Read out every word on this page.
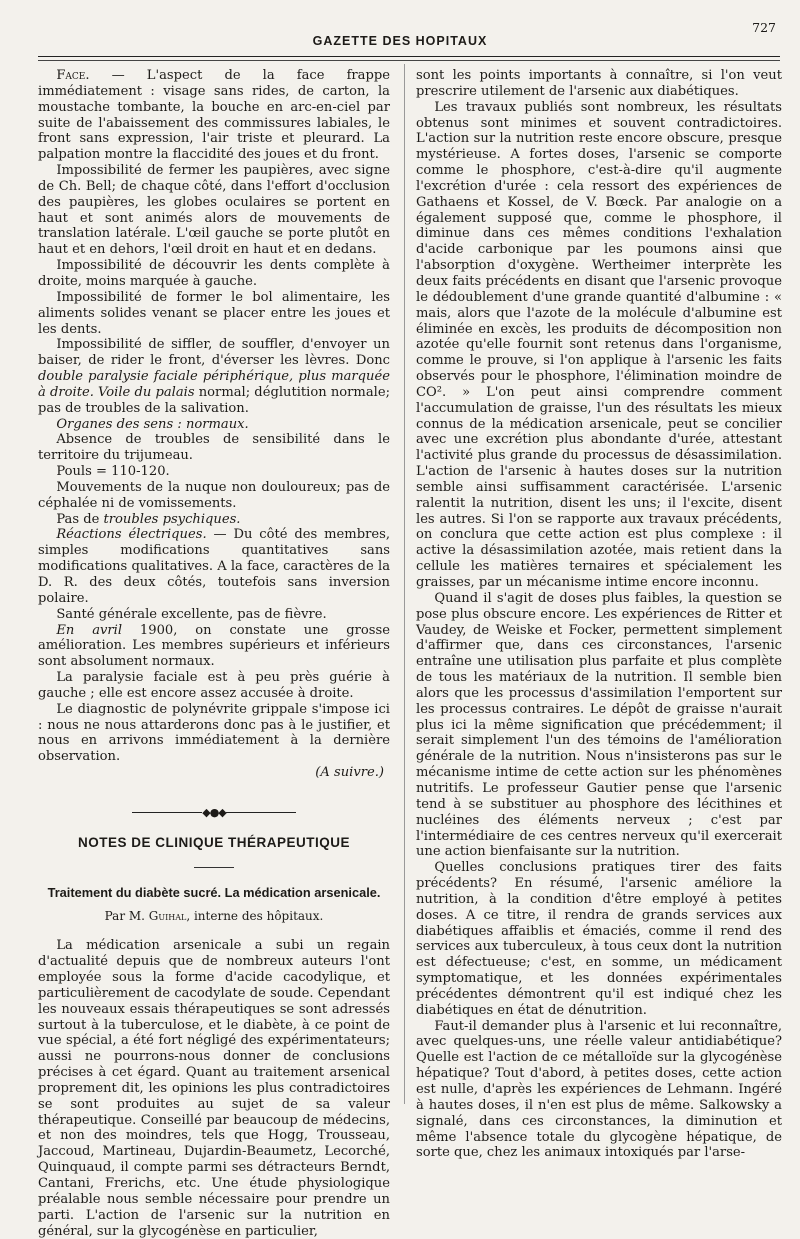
GAZETTE DES HOPITAUX
727

Face. — L'aspect de la face frappe immédiatement : visage sans rides, de carton, la moustache tombante, la bouche en arc-en-ciel par suite de l'abaissement des commissures labiales, le front sans expression, l'air triste et pleurard. La palpation montre la flaccidité des joues et du front.

Impossibilité de fermer les paupières, avec signe de Ch. Bell; de chaque côté, dans l'effort d'occlusion des paupières, les globes oculaires se portent en haut et sont animés alors de mouvements de translation latérale. L'œil gauche se porte plutôt en haut et en dehors, l'œil droit en haut et en dedans.

Impossibilité de découvrir les dents complète à droite, moins marquée à gauche.

Impossibilité de former le bol alimentaire, les aliments solides venant se placer entre les joues et les dents.

Impossibilité de siffler, de souffler, d'envoyer un baiser, de rider le front, d'éverser les lèvres. Donc double paralysie faciale périphérique, plus marquée à droite. Voile du palais normal; déglutition normale; pas de troubles de la salivation.

Organes des sens : normaux.

Absence de troubles de sensibilité dans le territoire du trijumeau.

Pouls = 110-120.

Mouvements de la nuque non douloureux; pas de céphalée ni de vomissements.

Pas de troubles psychiques.

Réactions électriques. — Du côté des membres, simples modifications quantitatives sans modifications qualitatives. A la face, caractères de la D. R. des deux côtés, toutefois sans inversion polaire.

Santé générale excellente, pas de fièvre.

En avril 1900, on constate une grosse amélioration. Les membres supérieurs et inférieurs sont absolument normaux.

La paralysie faciale est à peu près guérie à gauche ; elle est encore assez accusée à droite.

Le diagnostic de polynévrite grippale s'impose ici : nous ne nous attarderons donc pas à le justifier, et nous en arrivons immédiatement à la dernière observation.

(A suivre.)

◆●◆
NOTES DE CLINIQUE THÉRAPEUTIQUE
Traitement du diabète sucré. La médication arsenicale.
Par M. Guihal, interne des hôpitaux.

La médication arsenicale a subi un regain d'actualité depuis que de nombreux auteurs l'ont employée sous la forme d'acide cacodylique, et particulièrement de cacodylate de soude. Cependant les nouveaux essais thérapeutiques se sont adressés surtout à la tuberculose, et le diabète, à ce point de vue spécial, a été fort négligé des expérimentateurs; aussi ne pourrons-nous donner de conclusions précises à cet égard. Quant au traitement arsenical proprement dit, les opinions les plus contradictoires se sont produites au sujet de sa valeur thérapeutique. Conseillé par beaucoup de médecins, et non des moindres, tels que Hogg, Trousseau, Jaccoud, Martineau, Dujardin-Beaumetz, Lecorché, Quinquaud, il compte parmi ses détracteurs Berndt, Cantani, Frerichs, etc. Une étude physiologique préalable nous semble nécessaire pour prendre un parti. L'action de l'arsenic sur la nutrition en général, sur la glycogénèse en particulier,

sont les points importants à connaître, si l'on veut prescrire utilement de l'arsenic aux diabétiques.

Les travaux publiés sont nombreux, les résultats obtenus sont minimes et souvent contradictoires. L'action sur la nutrition reste encore obscure, presque mystérieuse. A fortes doses, l'arsenic se comporte comme le phosphore, c'est-à-dire qu'il augmente l'excrétion d'urée : cela ressort des expériences de Gathaens et Kossel, de V. Bœck. Par analogie on a également supposé que, comme le phosphore, il diminue dans ces mêmes conditions l'exhalation d'acide carbonique par les poumons ainsi que l'absorption d'oxygène. Wertheimer interprète les deux faits précédents en disant que l'arsenic provoque le dédoublement d'une grande quantité d'albumine : « mais, alors que l'azote de la molécule d'albumine est éliminée en excès, les produits de décomposition non azotée qu'elle fournit sont retenus dans l'organisme, comme le prouve, si l'on applique à l'arsenic les faits observés pour le phosphore, l'élimination moindre de CO². » L'on peut ainsi comprendre comment l'accumulation de graisse, l'un des résultats les mieux connus de la médication arsenicale, peut se concilier avec une excrétion plus abondante d'urée, attestant l'activité plus grande du processus de désassimilation. L'action de l'arsenic à hautes doses sur la nutrition semble ainsi suffisamment caractérisée. L'arsenic ralentit la nutrition, disent les uns; il l'excite, disent les autres. Si l'on se rapporte aux travaux précédents, on conclura que cette action est plus complexe : il active la désassimilation azotée, mais retient dans la cellule les matières ternaires et spécialement les graisses, par un mécanisme intime encore inconnu.

Quand il s'agit de doses plus faibles, la question se pose plus obscure encore. Les expériences de Ritter et Vaudey, de Weiske et Focker, permettent simplement d'affirmer que, dans ces circonstances, l'arsenic entraîne une utilisation plus parfaite et plus complète de tous les matériaux de la nutrition. Il semble bien alors que les processus d'assimilation l'emportent sur les processus contraires. Le dépôt de graisse n'aurait plus ici la même signification que précédemment; il serait simplement l'un des témoins de l'amélioration générale de la nutrition. Nous n'insisterons pas sur le mécanisme intime de cette action sur les phénomènes nutritifs. Le professeur Gautier pense que l'arsenic tend à se substituer au phosphore des lécithines et nucléines des éléments nerveux ; c'est par l'intermédiaire de ces centres nerveux qu'il exercerait une action bienfaisante sur la nutrition.

Quelles conclusions pratiques tirer des faits précédents? En résumé, l'arsenic améliore la nutrition, à la condition d'être employé à petites doses. A ce titre, il rendra de grands services aux diabétiques affaiblis et émaciés, comme il rend des services aux tuberculeux, à tous ceux dont la nutrition est défectueuse; c'est, en somme, un médicament symptomatique, et les données expérimentales précédentes démontrent qu'il est indiqué chez les diabétiques en état de dénutrition.

Faut-il demander plus à l'arsenic et lui reconnaître, avec quelques-uns, une réelle valeur antidiabétique? Quelle est l'action de ce métalloïde sur la glycogénèse hépatique? Tout d'abord, à petites doses, cette action est nulle, d'après les expériences de Lehmann. Ingéré à hautes doses, il n'en est plus de même. Salkowsky a signalé, dans ces circonstances, la diminution et même l'absence totale du glycogène hépatique, de sorte que, chez les animaux intoxiqués par l'arse-
